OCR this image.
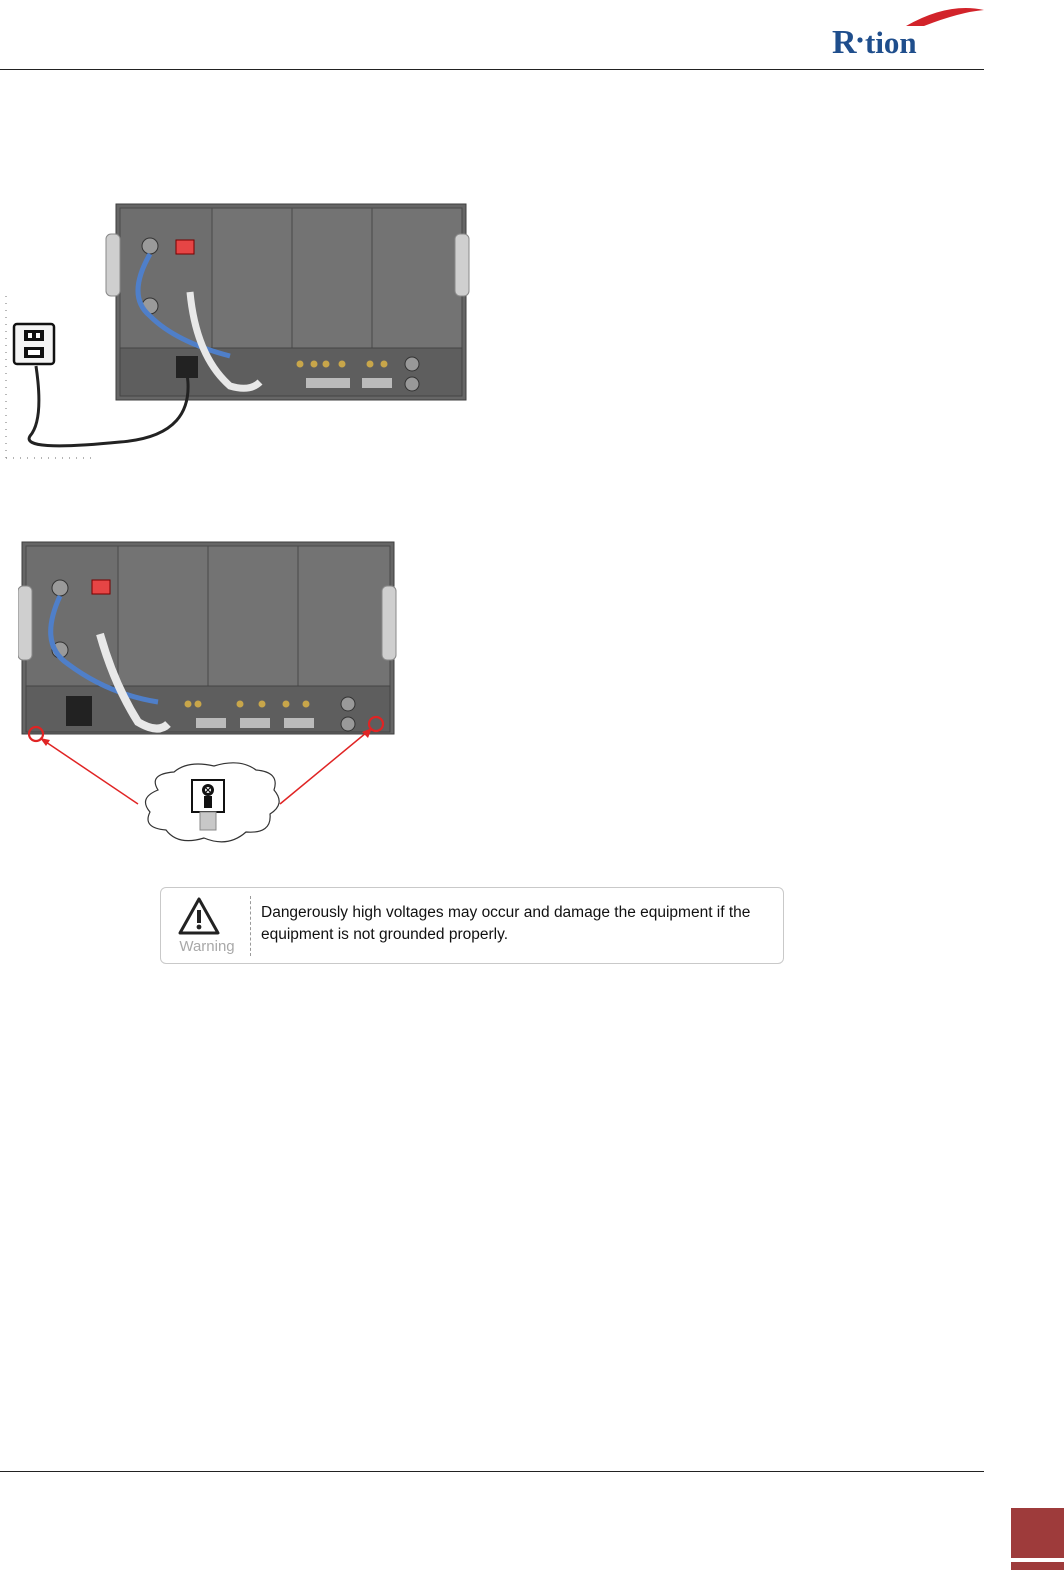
R tion
Warning
Dangerously high voltages may occur and damage the equipment if the equipment is not grounded properly.
